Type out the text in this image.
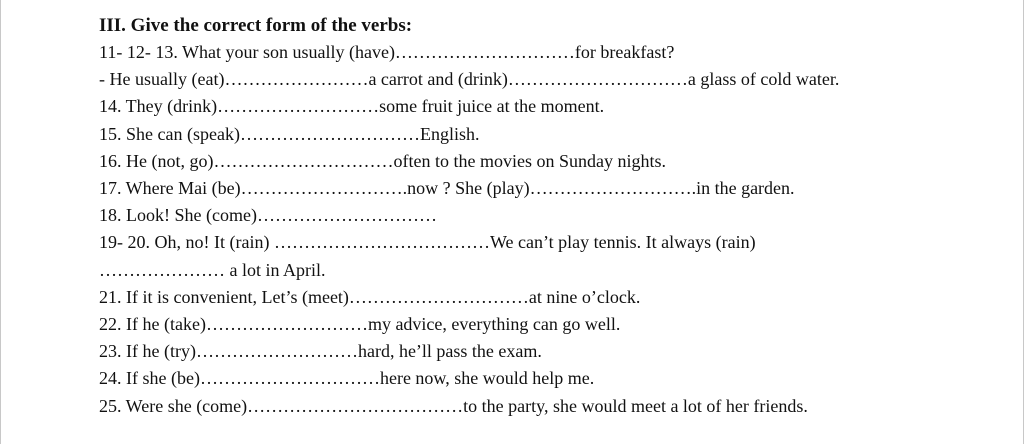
III. Give the correct form of the verbs:
11- 12- 13. What your son usually (have)…………………………for breakfast?
- He usually (eat)……………………a carrot and (drink)…………………………a glass of cold water.
14. They (drink)………………………some fruit juice at the moment.
15. She can (speak)…………………………English.
16. He (not, go)…………………………often to the movies on Sunday nights.
17. Where Mai (be)……………………….now ? She (play)……………………….in the garden.
18. Look! She (come)…………………………
19- 20. Oh, no! It (rain) ………………………………We can’t play tennis. It always (rain)
………………… a lot in April.
21. If it is convenient, Let’s (meet)…………………………at nine o’clock.
22. If he (take)………………………my advice, everything can go well.
23. If he (try)………………………hard, he’ll pass the exam.
24. If she (be)…………………………here now, she would help me.
25. Were she (come)………………………………to the party, she would meet a lot of her friends.
